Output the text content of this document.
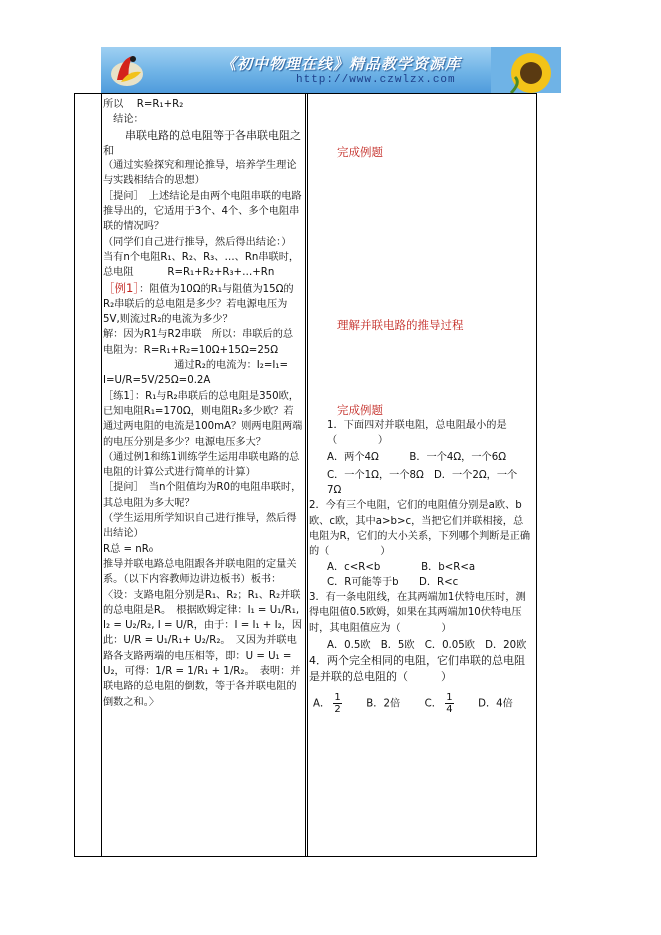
《初中物理在线》精品教学资源库
http://www.czwlzx.com

所以　 R=R₁+R₂

　结论：

　　串联电路的总电阻等于各串联电阻之和

（通过实验探究和理论推导，培养学生理论与实践相结合的思想）

［提问］　上述结论是由两个电阻串联的电路推导出的，它适用于3个、4个、多个电阻串联的情况吗？

（同学们自己进行推导，然后得出结论：）

当有n个电阻R₁、R₂、R₃、…、Rn串联时，总电阻　　　 R=R₁+R₂+R₃+…+Rn

［例1］：阻值为10Ω的R₁与阻值为15Ω的R₂串联后的总电阻是多少？若电源电压为5V,则流过R₂的电流为多少？

解：因为R1与R2串联　所以：串联后的总电阻为：R=R₁+R₂=10Ω+15Ω=25Ω

　　　　　　　通过R₂的电流为：I₂=I₁= I=U/R=5V/25Ω=0.2A

［练1］：R₁与R₂串联后的总电阻是350欧，已知电阻R₁=170Ω，则电阻R₂多少欧？若通过两电阻的电流是100mA？则两电阻两端的电压分别是多少？电源电压多大？

（通过例1和练1训练学生运用串联电路的总电阻的计算公式进行简单的计算）

［提问］　当n个阻值均为R0的电阻串联时，其总电阻为多大呢？

（学生运用所学知识自己进行推导，然后得出结论）

R总 = nR₀

推导并联电路总电阻跟各并联电阻的定量关系。（以下内容教师边讲边板书）板书：〈设：支路电阻分别是R₁、R₂；R₁、R₂并联的总电阻是R。　根据欧姆定律：I₁ = U₁/R₁, I₂ = U₂/R₂, I = U/R，由于：I = I₁ + I₂，因此：U/R = U₁/R₁+ U₂/R₂。　又因为并联电路各支路两端的电压相等，即：U = U₁ = U₂，可得：1/R = 1/R₁ + 1/R₂。　表明：并联电路的总电阻的倒数，等于各并联电阻的倒数之和。〉

完成例题

理解并联电路的推导过程

完成例题

1．下面四对并联电阻，总电阻最小的是（　　　　）

A．两个4Ω　　　B．一个4Ω，一个6Ω

C．一个1Ω，一个8Ω　D．一个2Ω，一个7Ω

2．今有三个电阻，它们的电阻值分别是a欧、b欧、c欧，其中a>b>c，当把它们并联相接，总电阻为R，它们的大小关系，下列哪个判断是正确的（　　　　　）

A．c<R<b　　　　B．b<R<a

C．R可能等于b　　D．R<c

3．有一条电阻线，在其两端加1伏特电压时，测得电阻值0.5欧姆，如果在其两端加10伏特电压时，其电阻值应为（　　　　）

A．0.5欧　B．5欧　C．0.05欧　D．20欧

4．两个完全相同的电阻，它们串联的总电阻是并联的总电阻的（　　　）

A． $\frac{1}{2}$ B．2倍 C． $\frac{1}{4}$ D．4倍
